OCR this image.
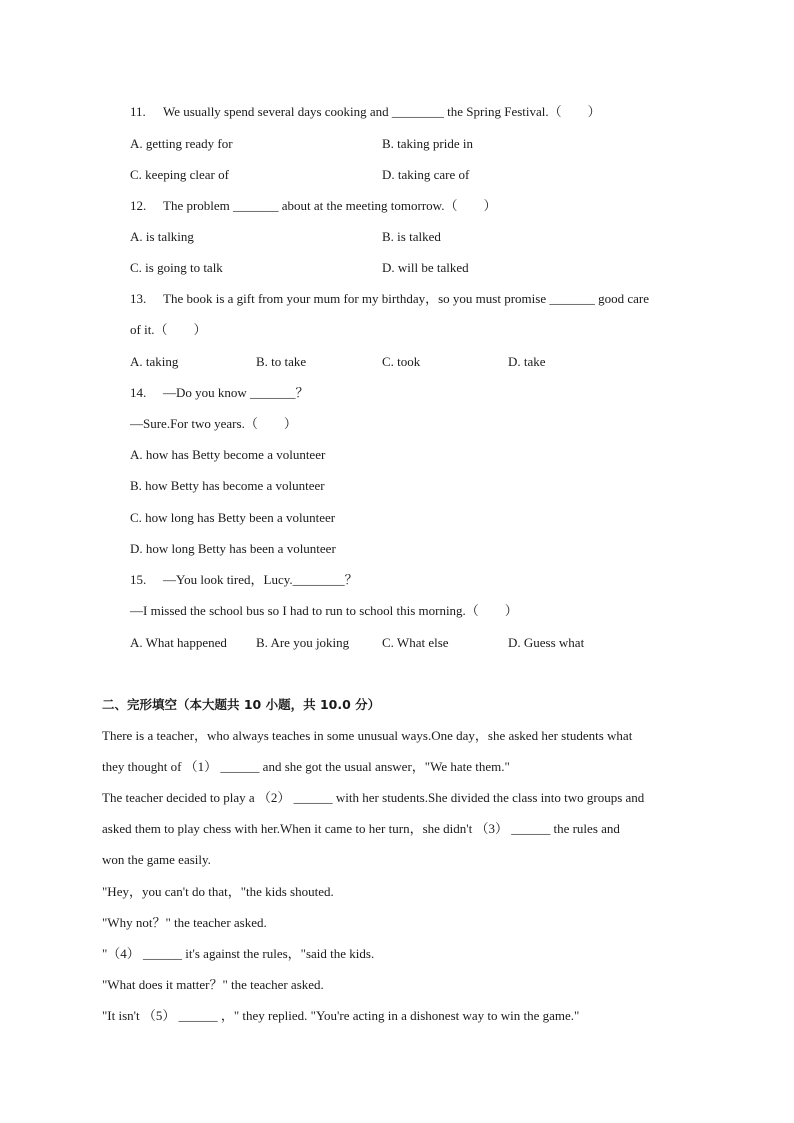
11. We usually spend several days cooking and ________ the Spring Festival.（　　）
A. getting ready for	B. taking pride in
C. keeping clear of	D. taking care of
12. The problem _______ about at the meeting tomorrow.（　　）
A. is talking	B. is talked
C. is going to talk	D. will be talked
13. The book is a gift from your mum for my birthday，so you must promise _______ good care
of it.（　　）
A. taking	B. to take	C. took	D. take
14. —Do you know _______？
—Sure.For two years.（　　）
A. how has Betty become a volunteer
B. how Betty has become a volunteer
C. how long has Betty been a volunteer
D. how long Betty has been a volunteer
15. —You look tired，Lucy.________？
—I missed the school bus so I had to run to school this morning.（　　）
A. What happened B. Are you joking	C. What else	D. Guess what
二、完形填空（本大题共 10 小题，共 10.0 分）
There is a teacher，who always teaches in some unusual ways.One day，she asked her students what
they thought of （1） ______ and she got the usual answer，"We hate them."
The teacher decided to play a （2） ______ with her students.She divided the class into two groups and
asked them to play chess with her.When it came to her turn，she didn't （3） ______ the rules and
won the game easily.
"Hey，you can't do that，"the kids shouted.
"Why not？" the teacher asked.
"（4） ______ it's against the rules，"said the kids.
"What does it matter？" the teacher asked.
"It isn't （5） ______ ，" they replied. "You're acting in a dishonest way to win the game."
